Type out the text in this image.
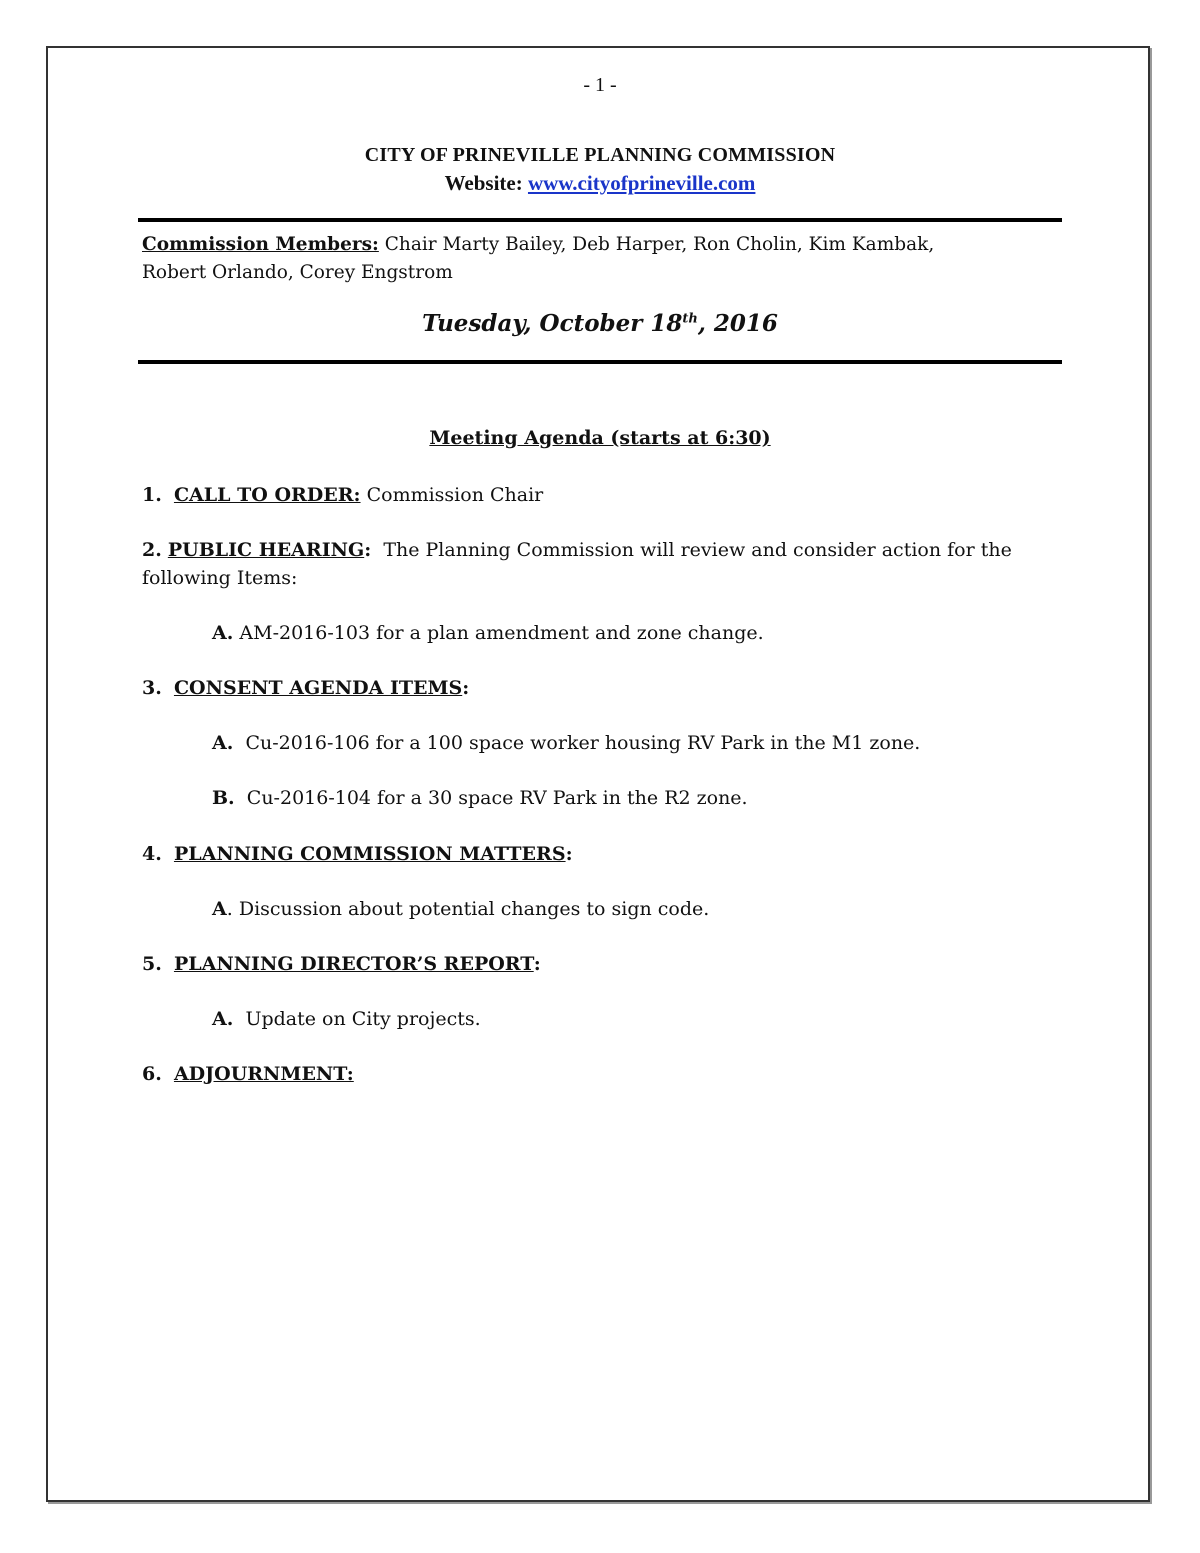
- 1 -
CITY OF PRINEVILLE PLANNING COMMISSION
Website: www.cityofprineville.com
Commission Members: Chair Marty Bailey, Deb Harper, Ron Cholin, Kim Kambak,
Robert Orlando, Corey Engstrom
Tuesday, October 18th, 2016
Meeting Agenda (starts at 6:30)
1. CALL TO ORDER: Commission Chair
2. PUBLIC HEARING: The Planning Commission will review and consider action for the following Items:
A. AM-2016-103 for a plan amendment and zone change.
3. CONSENT AGENDA ITEMS:
A. Cu-2016-106 for a 100 space worker housing RV Park in the M1 zone.
B. Cu-2016-104 for a 30 space RV Park in the R2 zone.
4. PLANNING COMMISSION MATTERS:
A. Discussion about potential changes to sign code.
5. PLANNING DIRECTOR’S REPORT:
A. Update on City projects.
6. ADJOURNMENT:
